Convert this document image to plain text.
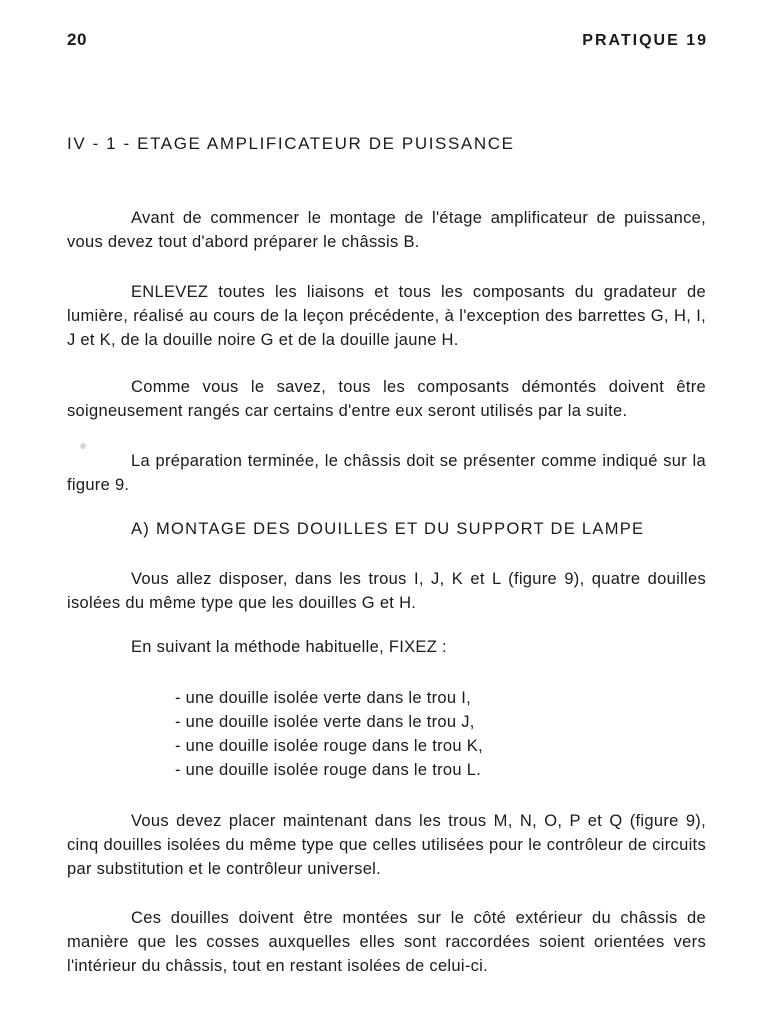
20	PRATIQUE 19
IV - 1 - ETAGE AMPLIFICATEUR DE PUISSANCE

Avant de commencer le montage de l'étage amplificateur de puissance, vous devez tout d'abord préparer le châssis B.

ENLEVEZ toutes les liaisons et tous les composants du gradateur de lumière, réalisé au cours de la leçon précédente, à l'exception des barrettes G, H, I, J et K, de la douille noire G et de la douille jaune H.

Comme vous le savez, tous les composants démontés doivent être soigneusement rangés car certains d'entre eux seront utilisés par la suite.

La préparation terminée, le châssis doit se présenter comme indiqué sur la figure 9.

A) MONTAGE DES DOUILLES ET DU SUPPORT DE LAMPE

Vous allez disposer, dans les trous I, J, K et L (figure 9), quatre douilles isolées du même type que les douilles G et H.

En suivant la méthode habituelle, FIXEZ :
- une douille isolée verte dans le trou I,
- une douille isolée verte dans le trou J,
- une douille isolée rouge dans le trou K,
- une douille isolée rouge dans le trou L.

Vous devez placer maintenant dans les trous M, N, O, P et Q (figure 9), cinq douilles isolées du même type que celles utilisées pour le contrôleur de circuits par substitution et le contrôleur universel.

Ces douilles doivent être montées sur le côté extérieur du châssis de manière que les cosses auxquelles elles sont raccordées soient orientées vers l'intérieur du châssis, tout en restant isolées de celui-ci.
